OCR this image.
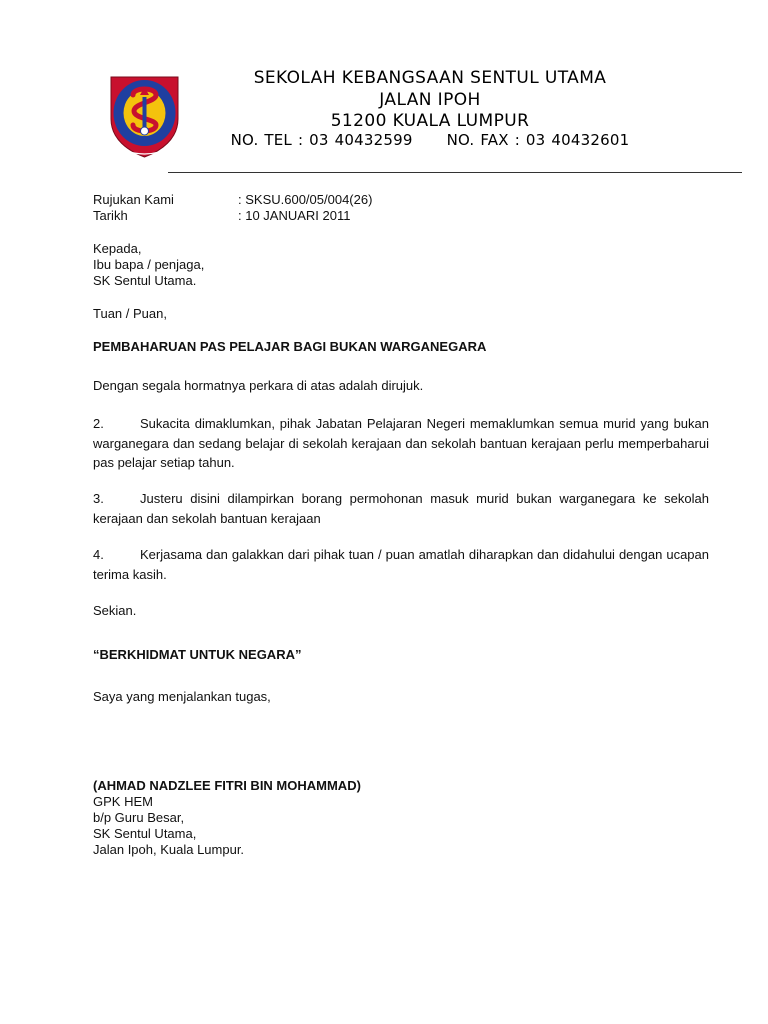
SEKOLAH KEBANGSAAN SENTUL UTAMA
JALAN IPOH
51200 KUALA LUMPUR
NO. TEL : 03 40432599 NO. FAX : 03 40432601
Rujukan Kami	: SKSU.600/05/004(26)
Tarikh	: 10 JANUARI 2011
Kepada,
Ibu bapa / penjaga,
SK Sentul Utama.
Tuan / Puan,
PEMBAHARUAN PAS PELAJAR BAGI BUKAN WARGANEGARA
Dengan segala hormatnya perkara di atas adalah dirujuk.
2.	Sukacita dimaklumkan, pihak Jabatan Pelajaran Negeri memaklumkan semua murid yang bukan warganegara dan sedang belajar di sekolah kerajaan dan sekolah bantuan kerajaan perlu memperbaharui pas pelajar setiap tahun.
3.	Justeru disini dilampirkan borang permohonan masuk murid bukan warganegara ke sekolah kerajaan dan sekolah bantuan kerajaan
4.	Kerjasama dan galakkan dari pihak tuan / puan amatlah diharapkan dan didahului dengan ucapan terima kasih.
Sekian.
“BERKHIDMAT UNTUK NEGARA”
Saya yang menjalankan tugas,
(AHMAD NADZLEE FITRI BIN MOHAMMAD)
GPK HEM
b/p Guru Besar,
SK Sentul Utama,
Jalan Ipoh, Kuala Lumpur.
